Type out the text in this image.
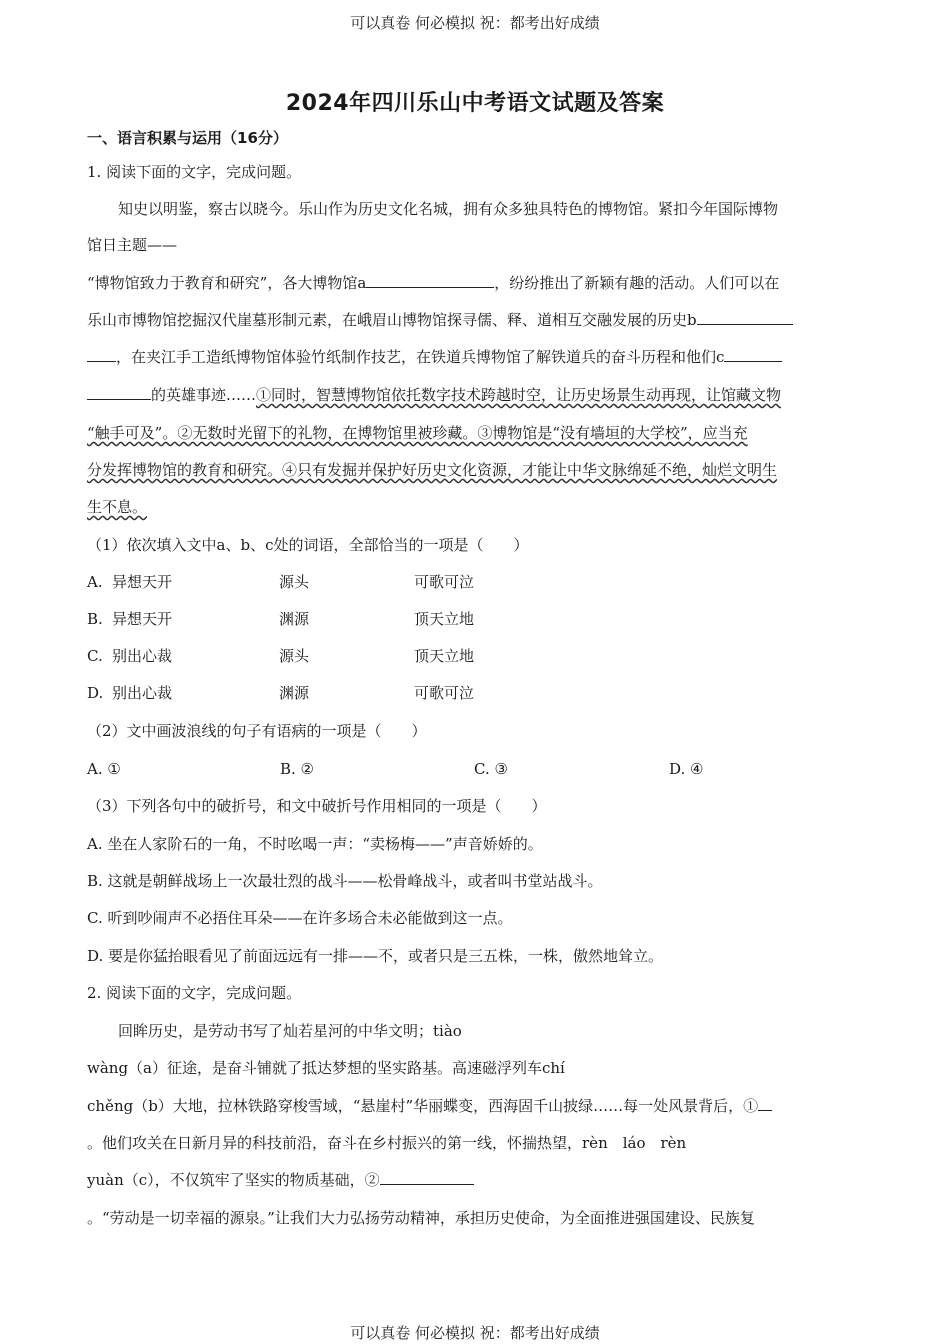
可以真卷 何必模拟 祝：都考出好成绩
2024年四川乐山中考语文试题及答案
一、语言积累与运用（16分）
1. 阅读下面的文字，完成问题。
知史以明鉴，察古以晓今。乐山作为历史文化名城，拥有众多独具特色的博物馆。紧扣今年国际博物
馆日主题——
“博物馆致力于教育和研究”，各大博物馆a	，纷纷推出了新颖有趣的活动。人们可以在
乐山市博物馆挖掘汉代崖墓形制元素，在峨眉山博物馆探寻儒、释、道相互交融发展的历史b
，在夹江手工造纸博物馆体验竹纸制作技艺，在铁道兵博物馆了解铁道兵的奋斗历程和他们c
的英雄事迹……①同时，智慧博物馆依托数字技术跨越时空，让历史场景生动再现，让馆藏文物
“触手可及”。②无数时光留下的礼物，在博物馆里被珍藏。③博物馆是“没有墙垣的大学校”，应当充
分发挥博物馆的教育和研究。④只有发掘并保护好历史文化资源，才能让中华文脉绵延不绝，灿烂文明生
生不息。
（1）依次填入文中a、b、c处的词语，全部恰当的一项是（　　）
A. 异想天开	源头	可歌可泣
B. 异想天开	渊源	顶天立地
C. 别出心裁	源头	顶天立地
D. 别出心裁	渊源	可歌可泣
（2）文中画波浪线的句子有语病的一项是（　　）
A. ①	B. ②	C. ③	D. ④
（3）下列各句中的破折号，和文中破折号作用相同的一项是（　　）
A. 坐在人家阶石的一角，不时吆喝一声：“卖杨梅——”声音娇娇的。
B. 这就是朝鲜战场上一次最壮烈的战斗——松骨峰战斗，或者叫书堂站战斗。
C. 听到吵闹声不必捂住耳朵——在许多场合未必能做到这一点。
D. 要是你猛抬眼看见了前面远远有一排——不，或者只是三五株，一株，傲然地耸立。
2. 阅读下面的文字，完成问题。
回眸历史，是劳动书写了灿若星河的中华文明；tiào
wàng（a）征途，是奋斗铺就了抵达梦想的坚实路基。高速磁浮列车chí
chěng（b）大地，拉林铁路穿梭雪域，“悬崖村”华丽蝶变，西海固千山披绿……每一处风景背后，①
。他们攻关在日新月异的科技前沿，奋斗在乡村振兴的第一线，怀揣热望，rèn　láo　rèn
yuàn（c），不仅筑牢了坚实的物质基础，②
。“劳动是一切幸福的源泉。”让我们大力弘扬劳动精神，承担历史使命，为全面推进强国建设、民族复
可以真卷 何必模拟 祝：都考出好成绩
